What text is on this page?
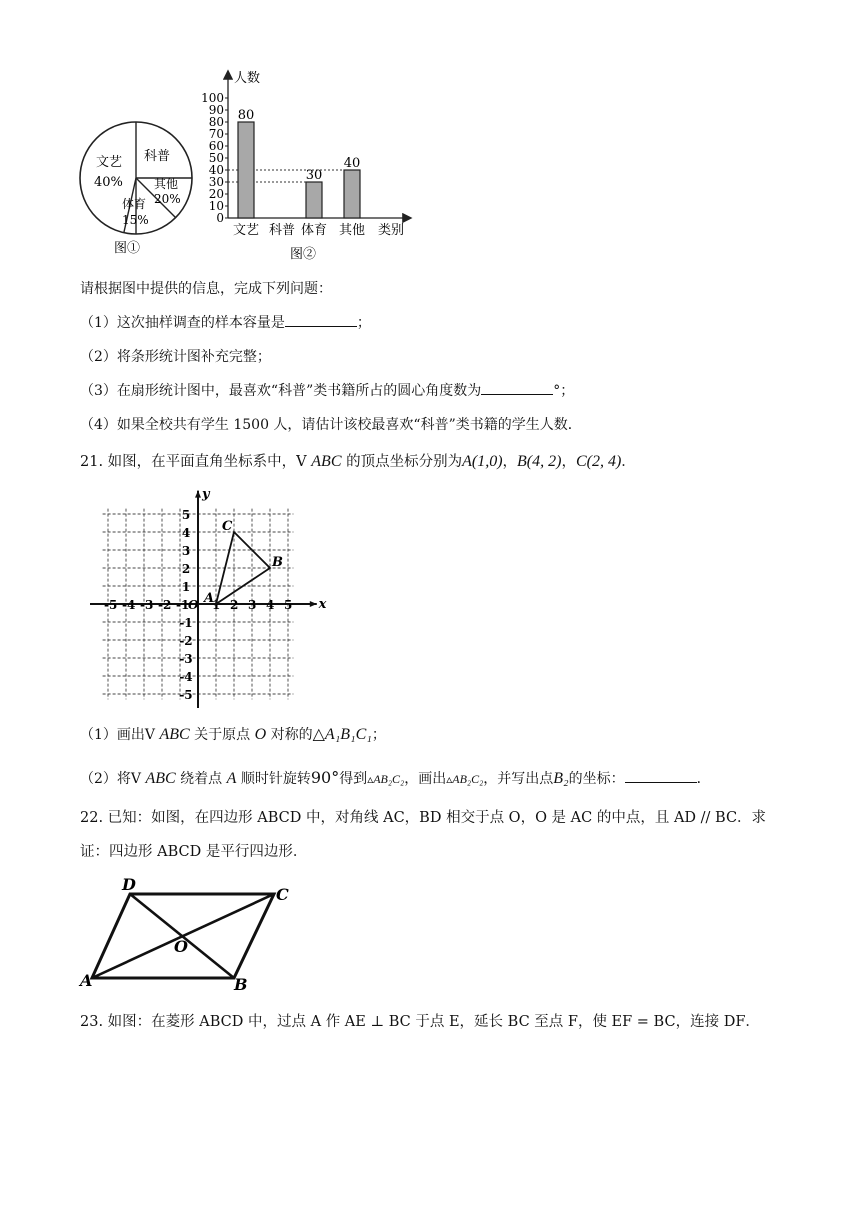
文艺
40%
科普
其他
20%
体育
15%
图①
人数
类别
图②
100
90
80
70
60
50
40
30
20
10
0
80
30
40
文艺 科普 体育 其他
请根据图中提供的信息，完成下列问题：
（1）这次抽样调查的样本容量是	；
（2）将条形统计图补充完整；
（3）在扇形统计图中，最喜欢“科普”类书籍所占的圆心角度数为	°；
（4）如果全校共有学生 1500 人，请估计该校最喜欢“科普”类书籍的学生人数．
21. 如图，在平面直角坐标系中，V ABC 的顶点坐标分别为A(1,0)，B(4, 2)，C(2, 4)．
x
y
-5 -4 -3 -2 -1
O 1 2 3 4 5
5
4
3
2
1
-1
-2
-3
-4
-5
A
B
C
（1）画出V ABC 关于原点 O 对称的△A₁B₁C₁；
（2）将V ABC 绕着点 A 顺时针旋转90°得到▵AB₂C₂，画出▵AB₂C₂，并写出点B₂的坐标：	．
22. 已知：如图，在四边形 ABCD 中，对角线 AC，BD 相交于点 O，O 是 AC 的中点，且 AD // BC．求
证：四边形 ABCD 是平行四边形．
A	B
C
D
O
23. 如图：在菱形 ABCD 中，过点 A 作 AE ⊥ BC 于点 E，延长 BC 至点 F，使 EF = BC，连接 DF．
